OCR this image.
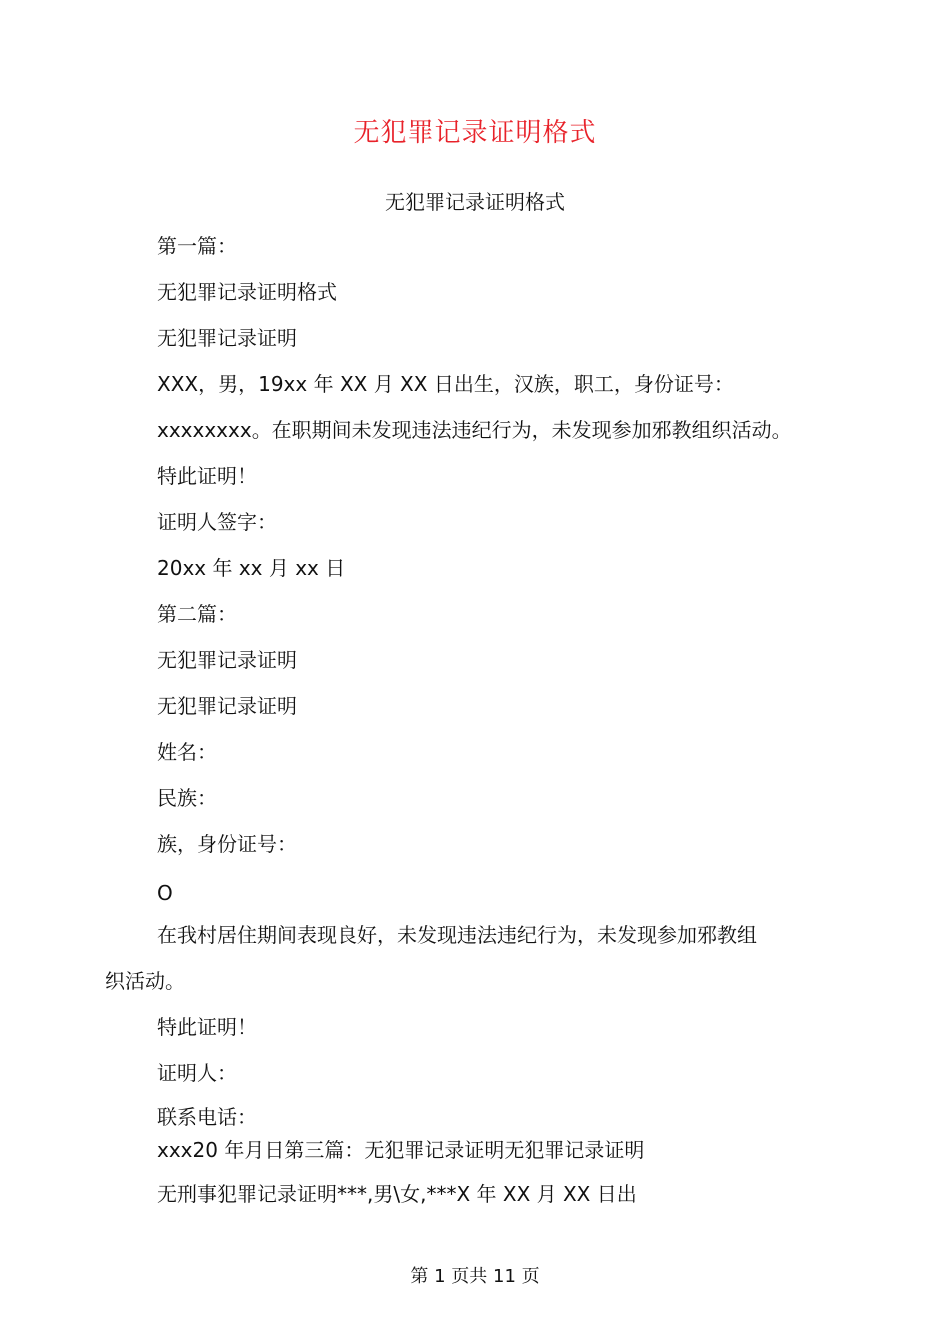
无犯罪记录证明格式
无犯罪记录证明格式
第一篇：
无犯罪记录证明格式
无犯罪记录证明
XXX，男，19xx 年 XX 月 XX 日出生，汉族，职工，身份证号：
xxxxxxxx。在职期间未发现违法违纪行为，未发现参加邪教组织活动。
特此证明！
证明人签字：
20xx 年 xx 月 xx 日
第二篇：
无犯罪记录证明
无犯罪记录证明
姓名：
民族：
族，身份证号：
O
在我村居住期间表现良好，未发现违法违纪行为，未发现参加邪教组
织活动。
特此证明！
证明人：
联系电话：
xxx20 年月日第三篇：无犯罪记录证明无犯罪记录证明
无刑事犯罪记录证明***,男\女,***X 年 XX 月 XX 日出
第 1 页共 11 页
